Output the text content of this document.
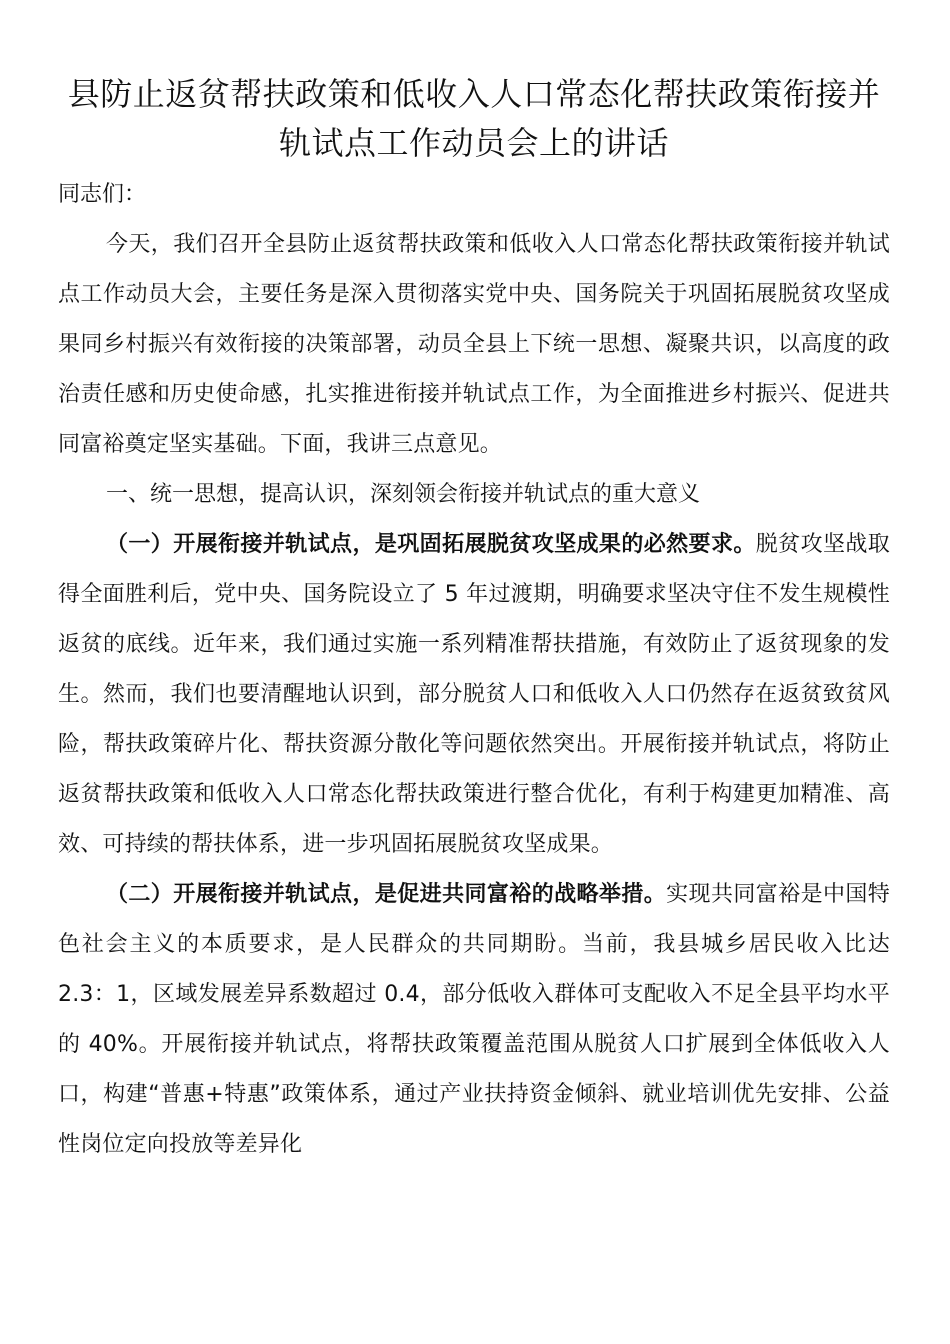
县防止返贫帮扶政策和低收入人口常态化帮扶政策衔接并轨试点工作动员会上的讲话

同志们：

今天，我们召开全县防止返贫帮扶政策和低收入人口常态化帮扶政策衔接并轨试点工作动员大会，主要任务是深入贯彻落实党中央、国务院关于巩固拓展脱贫攻坚成果同乡村振兴有效衔接的决策部署，动员全县上下统一思想、凝聚共识，以高度的政治责任感和历史使命感，扎实推进衔接并轨试点工作，为全面推进乡村振兴、促进共同富裕奠定坚实基础。下面，我讲三点意见。

一、统一思想，提高认识，深刻领会衔接并轨试点的重大意义

（一）开展衔接并轨试点，是巩固拓展脱贫攻坚成果的必然要求。脱贫攻坚战取得全面胜利后，党中央、国务院设立了 5 年过渡期，明确要求坚决守住不发生规模性返贫的底线。近年来，我们通过实施一系列精准帮扶措施，有效防止了返贫现象的发生。然而，我们也要清醒地认识到，部分脱贫人口和低收入人口仍然存在返贫致贫风险，帮扶政策碎片化、帮扶资源分散化等问题依然突出。开展衔接并轨试点，将防止返贫帮扶政策和低收入人口常态化帮扶政策进行整合优化，有利于构建更加精准、高效、可持续的帮扶体系，进一步巩固拓展脱贫攻坚成果。

（二）开展衔接并轨试点，是促进共同富裕的战略举措。实现共同富裕是中国特色社会主义的本质要求，是人民群众的共同期盼。当前，我县城乡居民收入比达 2.3：1，区域发展差异系数超过 0.4，部分低收入群体可支配收入不足全县平均水平的 40%。开展衔接并轨试点，将帮扶政策覆盖范围从脱贫人口扩展到全体低收入人口，构建“普惠+特惠”政策体系，通过产业扶持资金倾斜、就业培训优先安排、公益性岗位定向投放等差异化
